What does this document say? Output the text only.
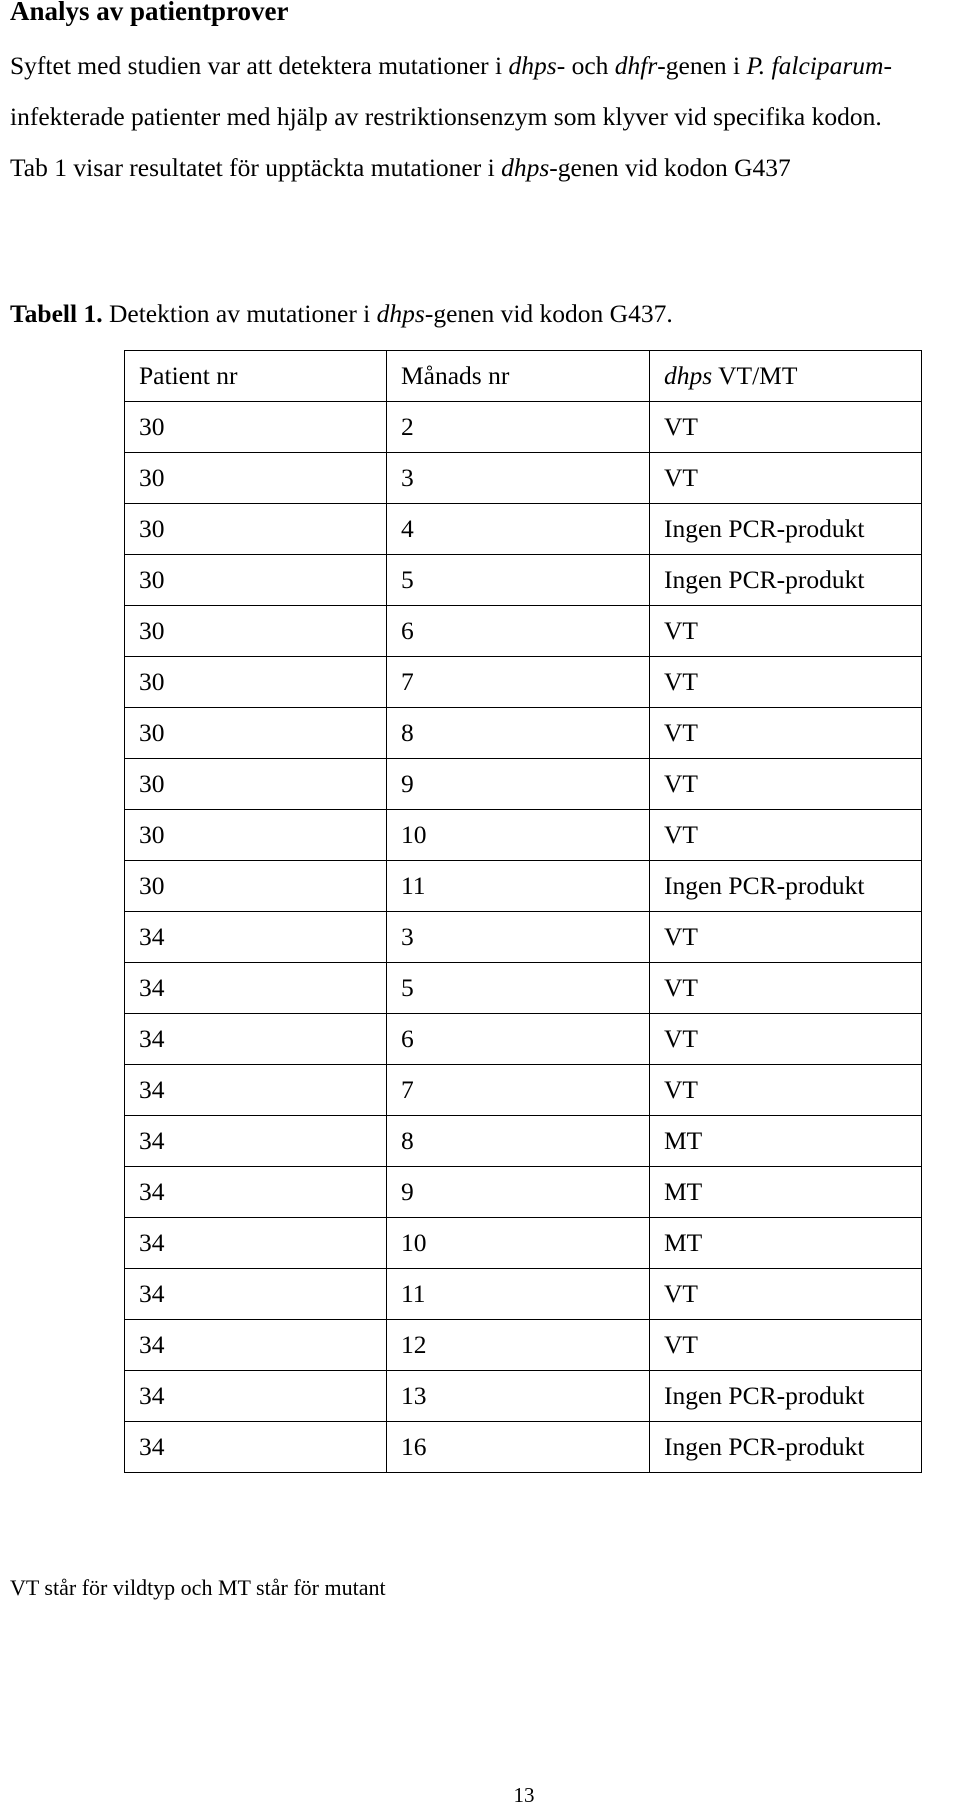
Analys av patientprover

Syftet med studien var att detektera mutationer i dhps- och dhfr-genen i P. falciparum-infekterade patienter med hjälp av restriktionsenzym som klyver vid specifika kodon.

Tab 1 visar resultatet för upptäckta mutationer i dhps-genen vid kodon G437

Tabell 1. Detektion av mutationer i dhps-genen vid kodon G437.

Patient nr	Månads nr	dhps VT/MT
30	2	VT
30	3	VT
30	4	Ingen PCR-produkt
30	5	Ingen PCR-produkt
30	6	VT
30	7	VT
30	8	VT
30	9	VT
30	10	VT
30	11	Ingen PCR-produkt
34	3	VT
34	5	VT
34	6	VT
34	7	VT
34	8	MT
34	9	MT
34	10	MT
34	11	VT
34	12	VT
34	13	Ingen PCR-produkt
34	16	Ingen PCR-produkt

VT står för vildtyp och MT står för mutant

13
